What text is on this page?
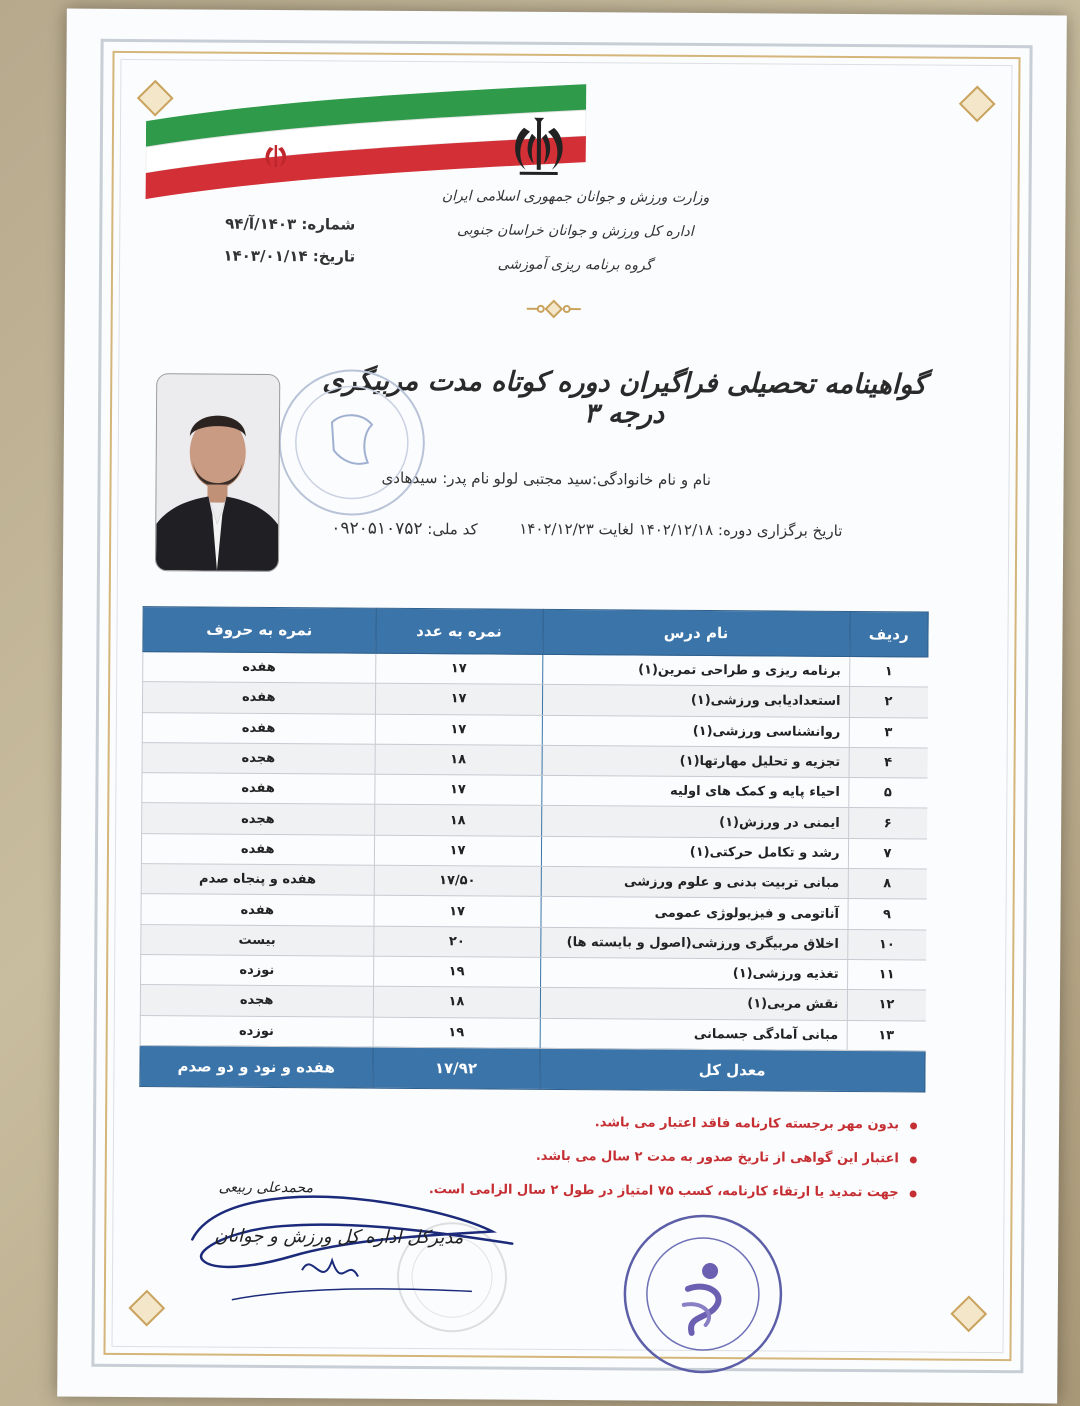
وزارت ورزش و جوانان جمهوری اسلامی ایران
اداره کل ورزش و جوانان خراسان جنوبی
گروه برنامه ریزی آموزشی
شماره: ۱۴۰۳/آ/۹۴
تاریخ: ۱۴۰۳/۰۱/۱۴
گواهینامه تحصیلی فراگیران دوره کوتاه مدت مربیگری درجه ۳
نام و نام خانوادگی:سید مجتبی لولو
نام پدر: سیدهادی
تاریخ برگزاری دوره: ۱۴۰۲/۱۲/۱۸ لغایت ۱۴۰۲/۱۲/۲۳
کد ملی: ۰۹۲۰۵۱۰۷۵۲
ردیف	نام درس	نمره به عدد	نمره به حروف
۱	برنامه ریزی و طراحی تمرین(۱)	۱۷	هفده
۲	استعدادیابی ورزشی(۱)	۱۷	هفده
۳	روانشناسی ورزشی(۱)	۱۷	هفده
۴	تجزیه و تحلیل مهارتها(۱)	۱۸	هجده
۵	احیاء پایه و کمک های اولیه	۱۷	هفده
۶	ایمنی در ورزش(۱)	۱۸	هجده
۷	رشد و تکامل حرکتی(۱)	۱۷	هفده
۸	مبانی تربیت بدنی و علوم ورزشی	۱۷/۵۰	هفده و پنجاه صدم
۹	آناتومی و فیزیولوژی عمومی	۱۷	هفده
۱۰	اخلاق مربیگری ورزشی(اصول و بایسته ها)	۲۰	بیست
۱۱	تغذیه ورزشی(۱)	۱۹	نوزده
۱۲	نقش مربی(۱)	۱۸	هجده
۱۳	مبانی آمادگی جسمانی	۱۹	نوزده
معدل کل		۱۷/۹۲	هفده و نود و دو صدم
بدون مهر برجسته کارنامه فاقد اعتبار می باشد.
اعتبار این گواهی از تاریخ صدور به مدت ۲ سال می باشد.
جهت تمدید یا ارتقاء کارنامه، کسب ۷۵ امتیاز در طول ۲ سال الزامی است.
محمدعلی ربیعی
مدیرکل اداره کل ورزش و جوانان
